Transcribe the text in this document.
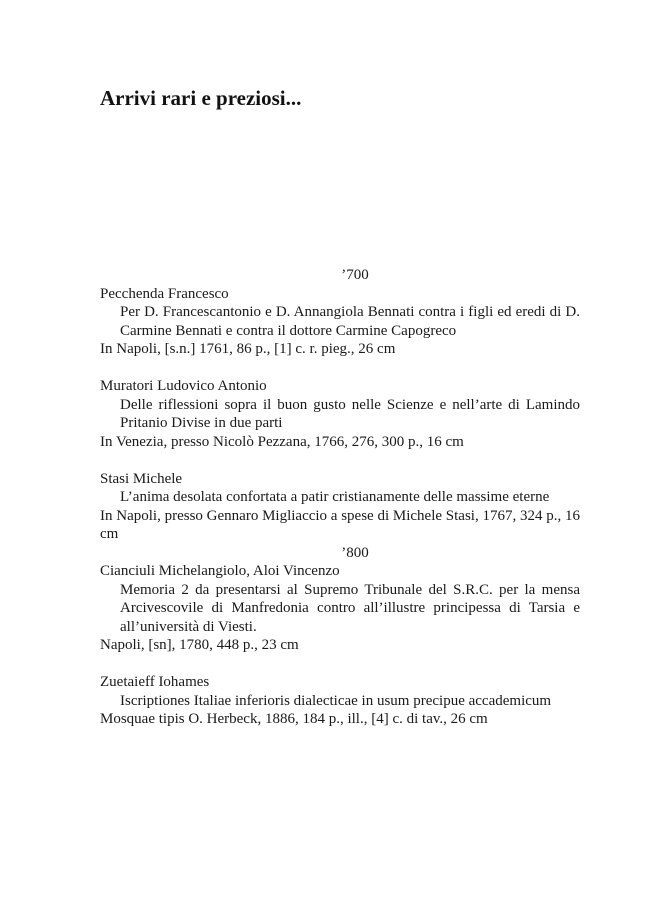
Arrivi rari e preziosi...

’700

Pecchenda Francesco
Per D. Francescantonio e D. Annangiola Bennati contra i figli ed eredi di D. Carmine Bennati e contra il dottore Carmine Capogreco
In Napoli, [s.n.] 1761, 86 p., [1] c. r. pieg., 26 cm
Muratori Ludovico Antonio
Delle riflessioni sopra il buon gusto nelle Scienze e nell’arte di Lamindo Pritanio Divise in due parti
In Venezia, presso Nicolò Pezzana, 1766, 276, 300 p., 16 cm
Stasi Michele
L’anima desolata confortata a patir cristianamente delle massime eterne
In Napoli, presso Gennaro Migliaccio a spese di Michele Stasi, 1767, 324 p., 16 cm

’800

Cianciuli Michelangiolo, Aloi Vincenzo
Memoria 2 da presentarsi al Supremo Tribunale del S.R.C. per la mensa Arcivescovile di Manfredonia contro all’illustre principessa di Tarsia e all’università di Viesti.
Napoli, [sn], 1780, 448 p., 23 cm
Zuetaieff Iohames
Iscriptiones Italiae inferioris dialecticae in usum precipue accademicum
Mosquae tipis O. Herbeck, 1886, 184 p., ill., [4] c. di tav., 26 cm
